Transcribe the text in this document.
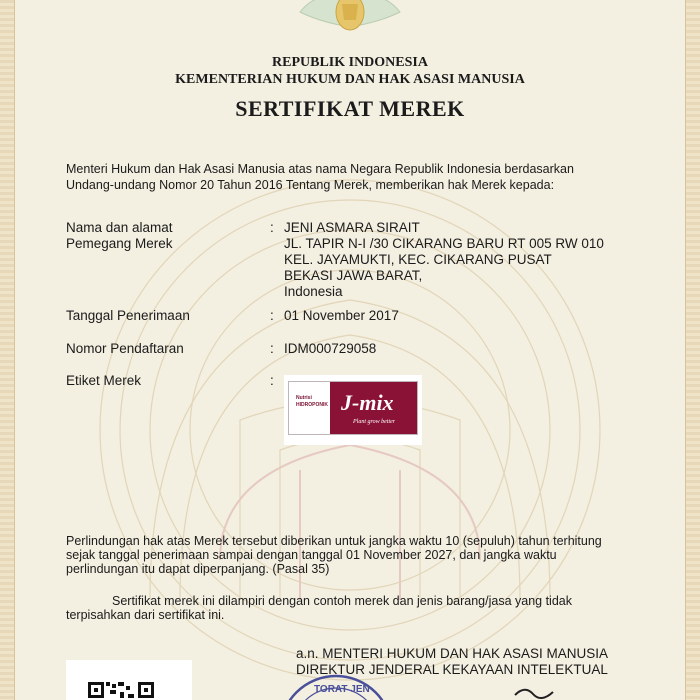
REPUBLIK INDONESIA
KEMENTERIAN HUKUM DAN HAK ASASI MANUSIA
SERTIFIKAT MEREK
Menteri Hukum dan Hak Asasi Manusia atas nama Negara Republik Indonesia berdasarkan
Undang-undang Nomor 20 Tahun 2016 Tentang Merek, memberikan hak Merek kepada:
Nama dan alamat
Pemegang Merek
: JENI ASMARA SIRAIT
JL. TAPIR N-I /30 CIKARANG BARU RT 005 RW 010
KEL. JAYAMUKTI, KEC. CIKARANG PUSAT
BEKASI JAWA BARAT,
Indonesia
Tanggal Penerimaan	: 01 November 2017
Nomor Pendaftaran	: IDM000729058
Etiket Merek	:
Nutrisi
HIDROPONIK J-mix
Plant grow better
Perlindungan hak atas Merek tersebut diberikan untuk jangka waktu 10 (sepuluh) tahun terhitung
sejak tanggal penerimaan sampai dengan tanggal 01 November 2027, dan jangka waktu
perlindungan itu dapat diperpanjang. (Pasal 35)
Sertifikat merek ini dilampiri dengan contoh merek dan jenis barang/jasa yang tidak
terpisahkan dari sertifikat ini.
a.n. MENTERI HUKUM DAN HAK ASASI MANUSIA
DIREKTUR JENDERAL KEKAYAAN INTELEKTUAL
TORAT JEN
